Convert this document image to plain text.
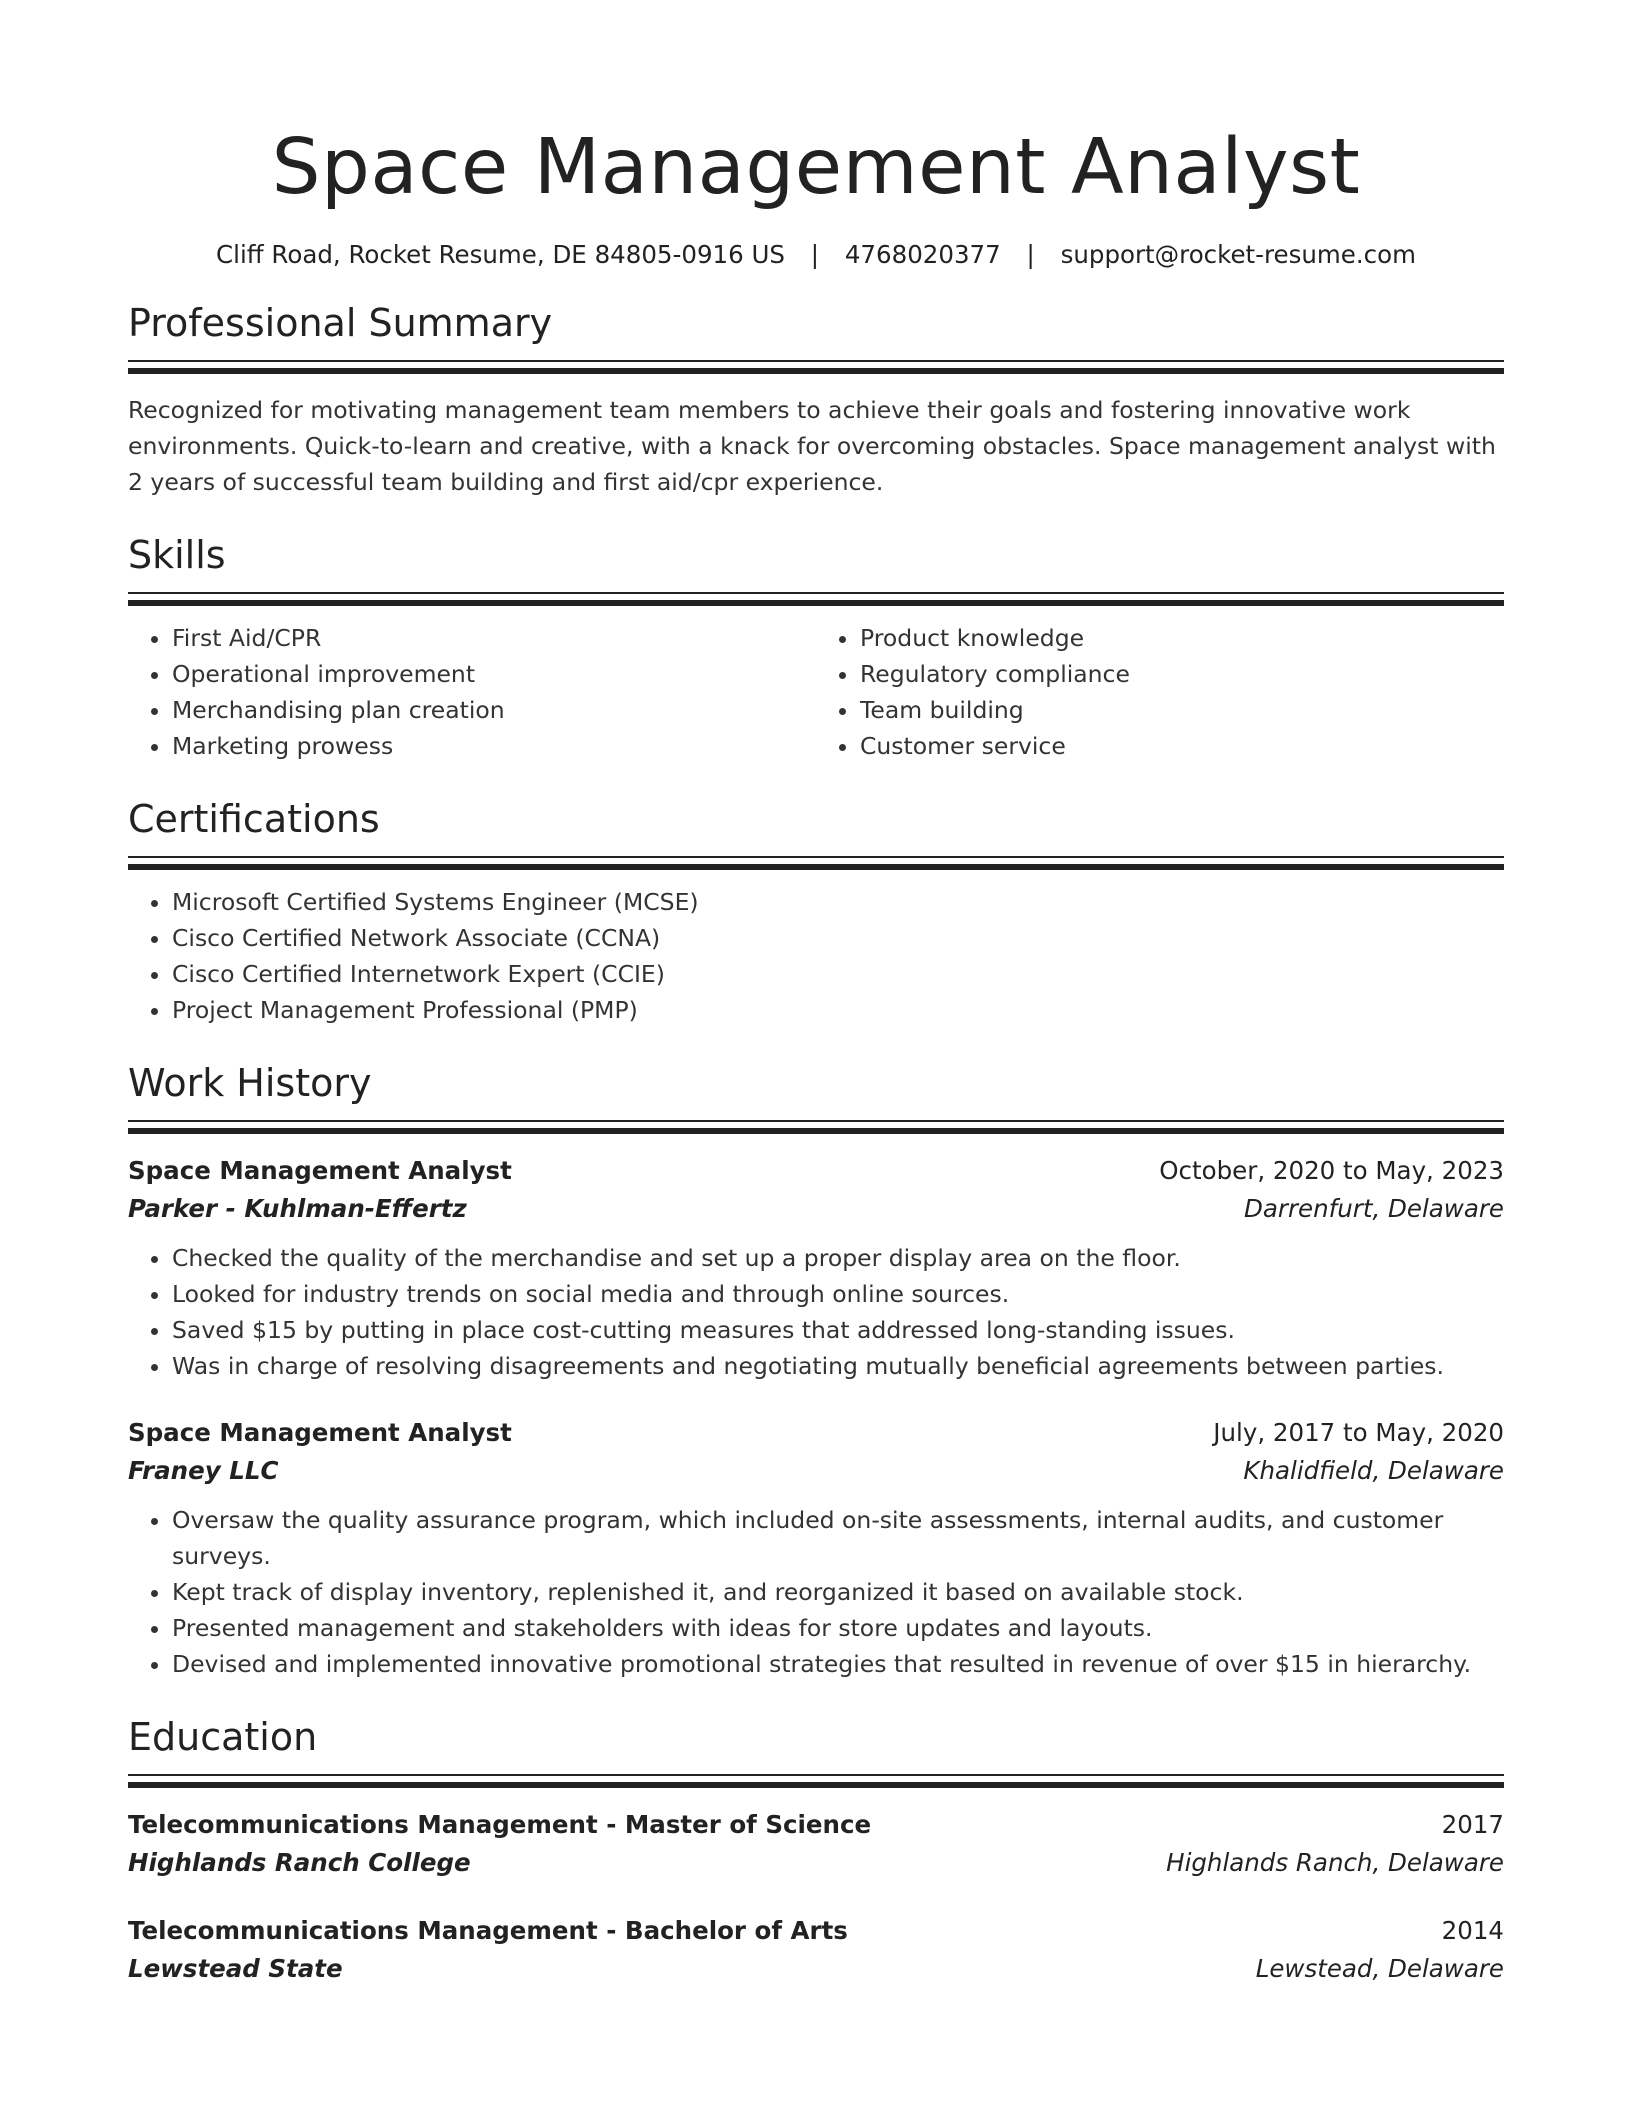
Space Management Analyst
Cliff Road, Rocket Resume, DE 84805-0916 US | 4768020377 | support@rocket-resume.com
Professional Summary

Recognized for motivating management team members to achieve their goals and fostering innovative work environments. Quick-to-learn and creative, with a knack for overcoming obstacles. Space management analyst with 2 years of successful team building and first aid/cpr experience.

Skills
• First Aid/CPR
• Operational improvement
• Merchandising plan creation
• Marketing prowess
• Product knowledge
• Regulatory compliance
• Team building
• Customer service
Certifications
• Microsoft Certified Systems Engineer (MCSE)
• Cisco Certified Network Associate (CCNA)
• Cisco Certified Internetwork Expert (CCIE)
• Project Management Professional (PMP)
Work History
Space Management Analyst	October, 2020 to May, 2023
Parker - Kuhlman-Effertz	Darrenfurt, Delaware
• Checked the quality of the merchandise and set up a proper display area on the floor.
• Looked for industry trends on social media and through online sources.
• Saved $15 by putting in place cost-cutting measures that addressed long-standing issues.
• Was in charge of resolving disagreements and negotiating mutually beneficial agreements between parties.
Space Management Analyst	July, 2017 to May, 2020
Franey LLC	Khalidfield, Delaware
• Oversaw the quality assurance program, which included on-site assessments, internal audits, and customer surveys.
• Kept track of display inventory, replenished it, and reorganized it based on available stock.
• Presented management and stakeholders with ideas for store updates and layouts.
• Devised and implemented innovative promotional strategies that resulted in revenue of over $15 in hierarchy.
Education
Telecommunications Management - Master of Science	2017
Highlands Ranch College	Highlands Ranch, Delaware
Telecommunications Management - Bachelor of Arts	2014
Lewstead State	Lewstead, Delaware
